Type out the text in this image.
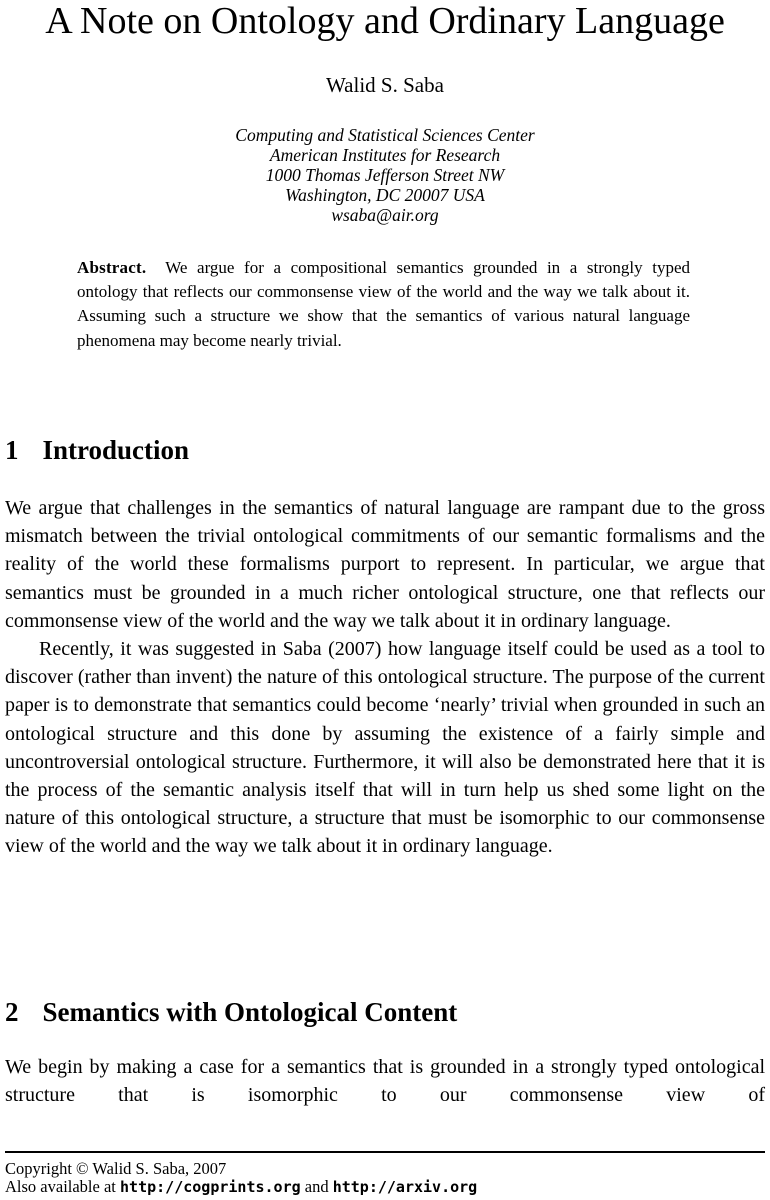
A Note on Ontology and Ordinary Language
Walid S. Saba
Computing and Statistical Sciences Center
American Institutes for Research
1000 Thomas Jefferson Street NW
Washington, DC 20007 USA
wsaba@air.org

Abstract. We argue for a compositional semantics grounded in a strongly typed ontology that reflects our commonsense view of the world and the way we talk about it. Assuming such a structure we show that the semantics of various natural language phenomena may become nearly trivial.

1 Introduction

We argue that challenges in the semantics of natural language are rampant due to the gross mismatch between the trivial ontological commitments of our semantic formalisms and the reality of the world these formalisms purport to represent. In particular, we argue that semantics must be grounded in a much richer ontological structure, one that reflects our commonsense view of the world and the way we talk about it in ordinary language.

Recently, it was suggested in Saba (2007) how language itself could be used as a tool to discover (rather than invent) the nature of this ontological structure. The purpose of the current paper is to demonstrate that semantics could become ‘nearly’ trivial when grounded in such an ontological structure and this done by assuming the existence of a fairly simple and uncontroversial ontological structure. Furthermore, it will also be demonstrated here that it is the process of the semantic analysis itself that will in turn help us shed some light on the nature of this ontological structure, a structure that must be isomorphic to our commonsense view of the world and the way we talk about it in ordinary language.

2 Semantics with Ontological Content

We begin by making a case for a semantics that is grounded in a strongly typed ontological structure that is isomorphic to our commonsense view of

Copyright © Walid S. Saba, 2007

Also available at http://cogprints.org and http://arxiv.org
